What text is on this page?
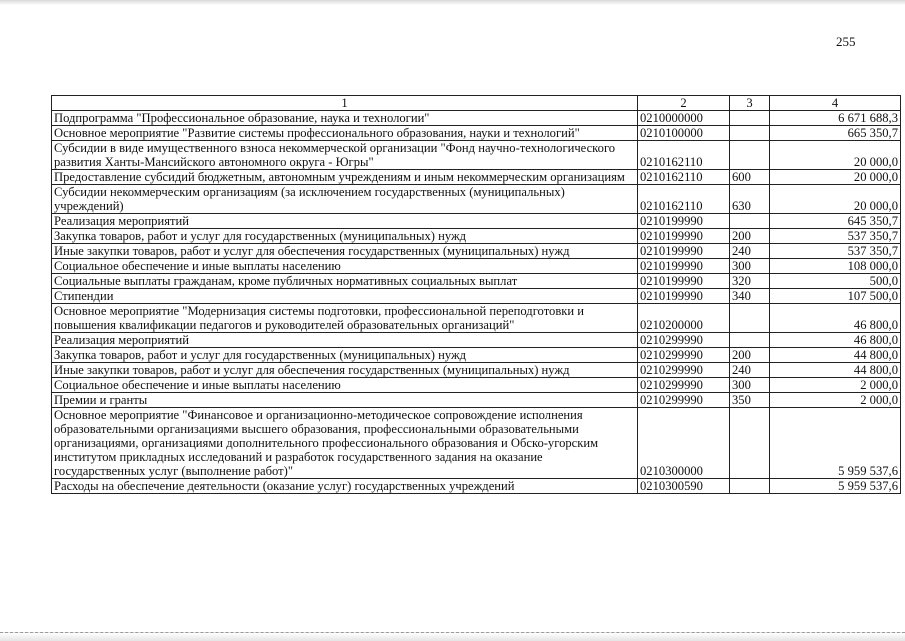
255
1	2	3	4
Подпрограмма "Профессиональное образование, наука и технологии"	0210000000		6 671 688,3
Основное мероприятие "Развитие системы профессионального образования, науки и технологий"	0210100000		665 350,7
Субсидии в виде имущественного взноса некоммерческой организации "Фонд научно-технологического развития Ханты-Мансийского автономного округа - Югры"	0210162110		20 000,0
Предоставление субсидий бюджетным, автономным учреждениям и иным некоммерческим организациям	0210162110	600	20 000,0
Субсидии некоммерческим организациям (за исключением государственных (муниципальных) учреждений)	0210162110	630	20 000,0
Реализация мероприятий	0210199990		645 350,7
Закупка товаров, работ и услуг для государственных (муниципальных) нужд	0210199990	200	537 350,7
Иные закупки товаров, работ и услуг для обеспечения государственных (муниципальных) нужд	0210199990	240	537 350,7
Социальное обеспечение и иные выплаты населению	0210199990	300	108 000,0
Социальные выплаты гражданам, кроме публичных нормативных социальных выплат	0210199990	320	500,0
Стипендии	0210199990	340	107 500,0
Основное мероприятие "Модернизация системы подготовки, профессиональной переподготовки и повышения квалификации педагогов и руководителей образовательных организаций"	0210200000		46 800,0
Реализация мероприятий	0210299990		46 800,0
Закупка товаров, работ и услуг для государственных (муниципальных) нужд	0210299990	200	44 800,0
Иные закупки товаров, работ и услуг для обеспечения государственных (муниципальных) нужд	0210299990	240	44 800,0
Социальное обеспечение и иные выплаты населению	0210299990	300	2 000,0
Премии и гранты	0210299990	350	2 000,0
Основное мероприятие "Финансовое и организационно-методическое сопровождение исполнения образовательными организациями высшего образования, профессиональными образовательными организациями, организациями дополнительного профессионального образования и Обско-угорским институтом прикладных исследований и разработок государственного задания на оказание государственных услуг (выполнение работ)"	0210300000		5 959 537,6
Расходы на обеспечение деятельности (оказание услуг) государственных учреждений	0210300590		5 959 537,6
